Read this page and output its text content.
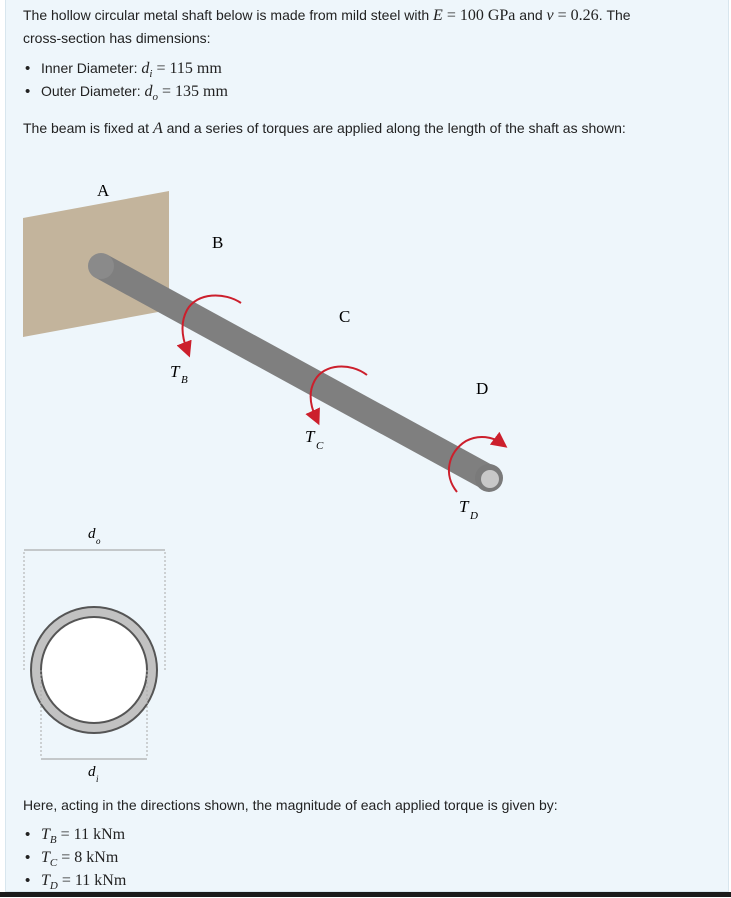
The hollow circular metal shaft below is made from mild steel with E = 100 GPa and ν = 0.26. The
cross-section has dimensions:
• Inner Diameter: $d_i = 115$ mm
• Outer Diameter: $d_o = 135$ mm
The beam is fixed at A and a series of torques are applied along the length of the shaft as shown:
A
B
C
D
T B
T C
T D
d o
d i
Here, acting in the directions shown, the magnitude of each applied torque is given by:
• $T_B = 11$ kNm
• $T_C = 8$ kNm
• $T_D = 11$ kNm
